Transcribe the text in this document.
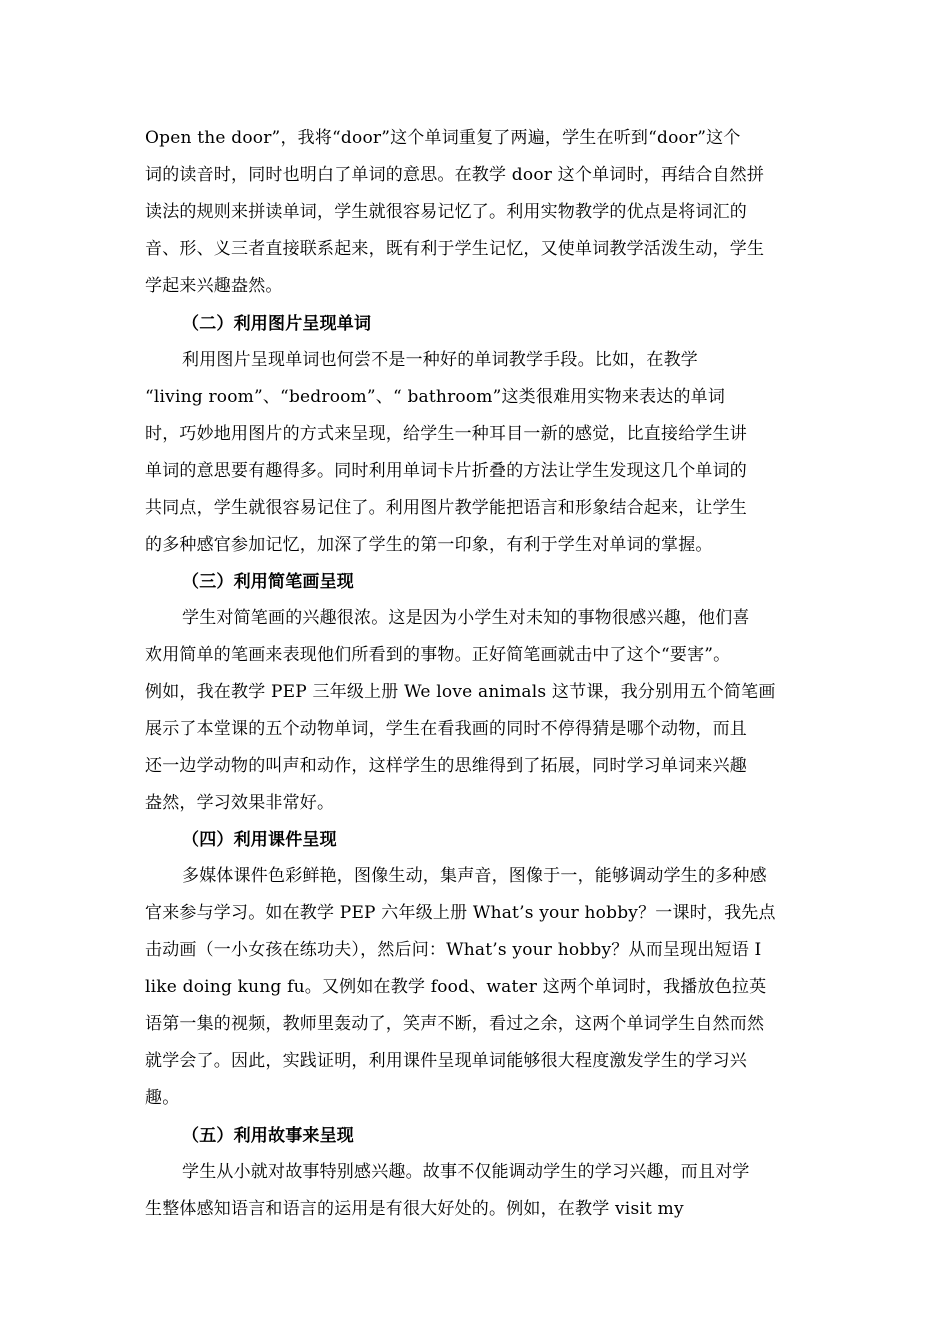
Open the door”，我将“door”这个单词重复了两遍，学生在听到“door”这个
词的读音时，同时也明白了单词的意思。在教学 door 这个单词时，再结合自然拼
读法的规则来拼读单词，学生就很容易记忆了。利用实物教学的优点是将词汇的
音、形、义三者直接联系起来，既有利于学生记忆，又使单词教学活泼生动，学生
学起来兴趣盎然。
（二）利用图片呈现单词
利用图片呈现单词也何尝不是一种好的单词教学手段。比如，在教学
“living room”、“bedroom”、“ bathroom”这类很难用实物来表达的单词
时，巧妙地用图片的方式来呈现，给学生一种耳目一新的感觉，比直接给学生讲
单词的意思要有趣得多。同时利用单词卡片折叠的方法让学生发现这几个单词的
共同点，学生就很容易记住了。利用图片教学能把语言和形象结合起来，让学生
的多种感官参加记忆，加深了学生的第一印象，有利于学生对单词的掌握。
（三）利用简笔画呈现
学生对简笔画的兴趣很浓。这是因为小学生对未知的事物很感兴趣，他们喜
欢用简单的笔画来表现他们所看到的事物。正好简笔画就击中了这个“要害”。
例如，我在教学 PEP 三年级上册 We love animals 这节课，我分别用五个简笔画
展示了本堂课的五个动物单词，学生在看我画的同时不停得猜是哪个动物，而且
还一边学动物的叫声和动作，这样学生的思维得到了拓展，同时学习单词来兴趣
盎然，学习效果非常好。
（四）利用课件呈现
多媒体课件色彩鲜艳，图像生动，集声音，图像于一，能够调动学生的多种感
官来参与学习。如在教学 PEP 六年级上册 What’s your hobby？一课时，我先点
击动画（一小女孩在练功夫），然后问：What’s your hobby？从而呈现出短语 I
like doing kung fu。又例如在教学 food、water 这两个单词时，我播放色拉英
语第一集的视频，教师里轰动了，笑声不断，看过之余，这两个单词学生自然而然
就学会了。因此，实践证明，利用课件呈现单词能够很大程度激发学生的学习兴
趣。
（五）利用故事来呈现
学生从小就对故事特别感兴趣。故事不仅能调动学生的学习兴趣，而且对学
生整体感知语言和语言的运用是有很大好处的。例如，在教学 visit my
